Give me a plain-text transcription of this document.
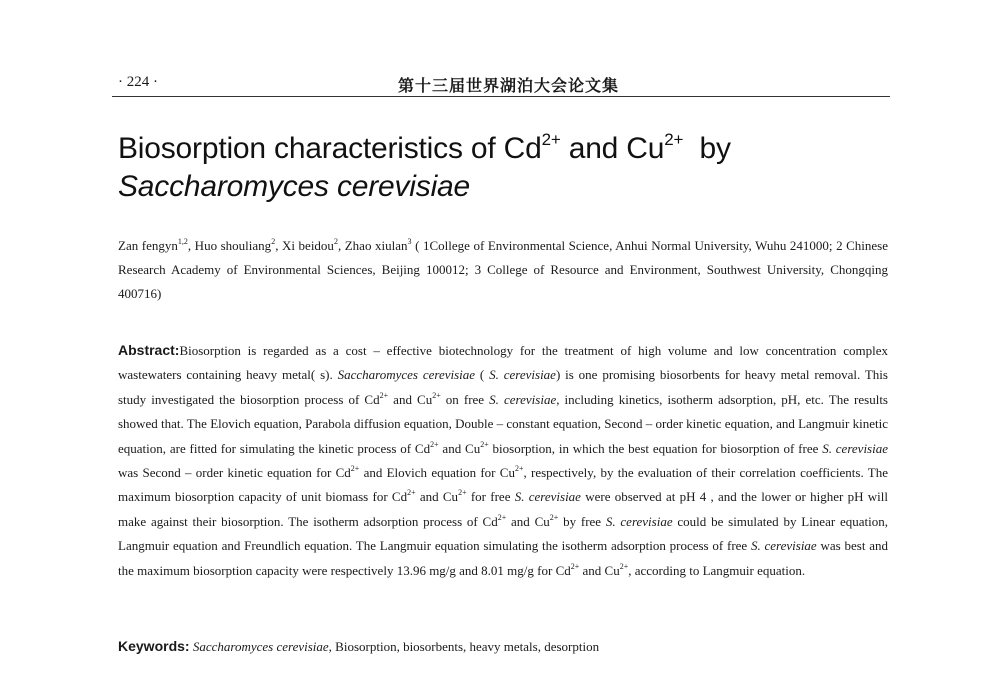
· 224 ·	第十三届世界湖泊大会论文集
Biosorption characteristics of $Cd^{2+}$ and $Cu^{2+}$  by
Saccharomyces cerevisiae
Zan fengyn$^{1,2}$, Huo shouliang$^2$, Xi beidou$^2$, Zhao xiulan$^3$ ( 1College of Environmental Science, Anhui Normal University, Wuhu 241000; 2 Chinese Research Academy of Environmental Sciences, Beijing 100012; 3 College of Resource and Environment, Southwest University, Chongqing 400716)
Abstract:Biosorption is regarded as a cost – effective biotechnology for the treatment of high volume and low concentration complex wastewaters containing heavy metal( s). Saccharomyces cerevisiae ( S. cerevisiae) is one promising biosorbents for heavy metal removal. This study investigated the biosorption process of $Cd^{2+}$ and $Cu^{2+}$ on free S. cerevisiae, including kinetics, isotherm adsorption, pH, etc. The results showed that. The Elovich equation, Parabola diffusion equation, Double – constant equation, Second – order kinetic equation, and Langmuir kinetic equation, are fitted for simulating the kinetic process of $Cd^{2+}$ and $Cu^{2+}$ biosorption, in which the best equation for biosorption of free S. cerevisiae was Second – order kinetic equation for $Cd^{2+}$ and Elovich equation for $Cu^{2+}$, respectively, by the evaluation of their correlation coefficients. The maximum biosorption capacity of unit biomass for $Cd^{2+}$ and $Cu^{2+}$ for free S. cerevisiae were observed at pH 4 , and the lower or higher pH will make against their biosorption. The isotherm adsorption process of $Cd^{2+}$ and $Cu^{2+}$ by free S. cerevisiae could be simulated by Linear equation, Langmuir equation and Freundlich equation. The Langmuir equation simulating the isotherm adsorption process of free S. cerevisiae was best and the maximum biosorption capacity were respectively 13.96 mg/g and 8.01 mg/g for $Cd^{2+}$ and $Cu^{2+}$, according to Langmuir equation.
Keywords: Saccharomyces cerevisiae, Biosorption, biosorbents, heavy metals, desorption
